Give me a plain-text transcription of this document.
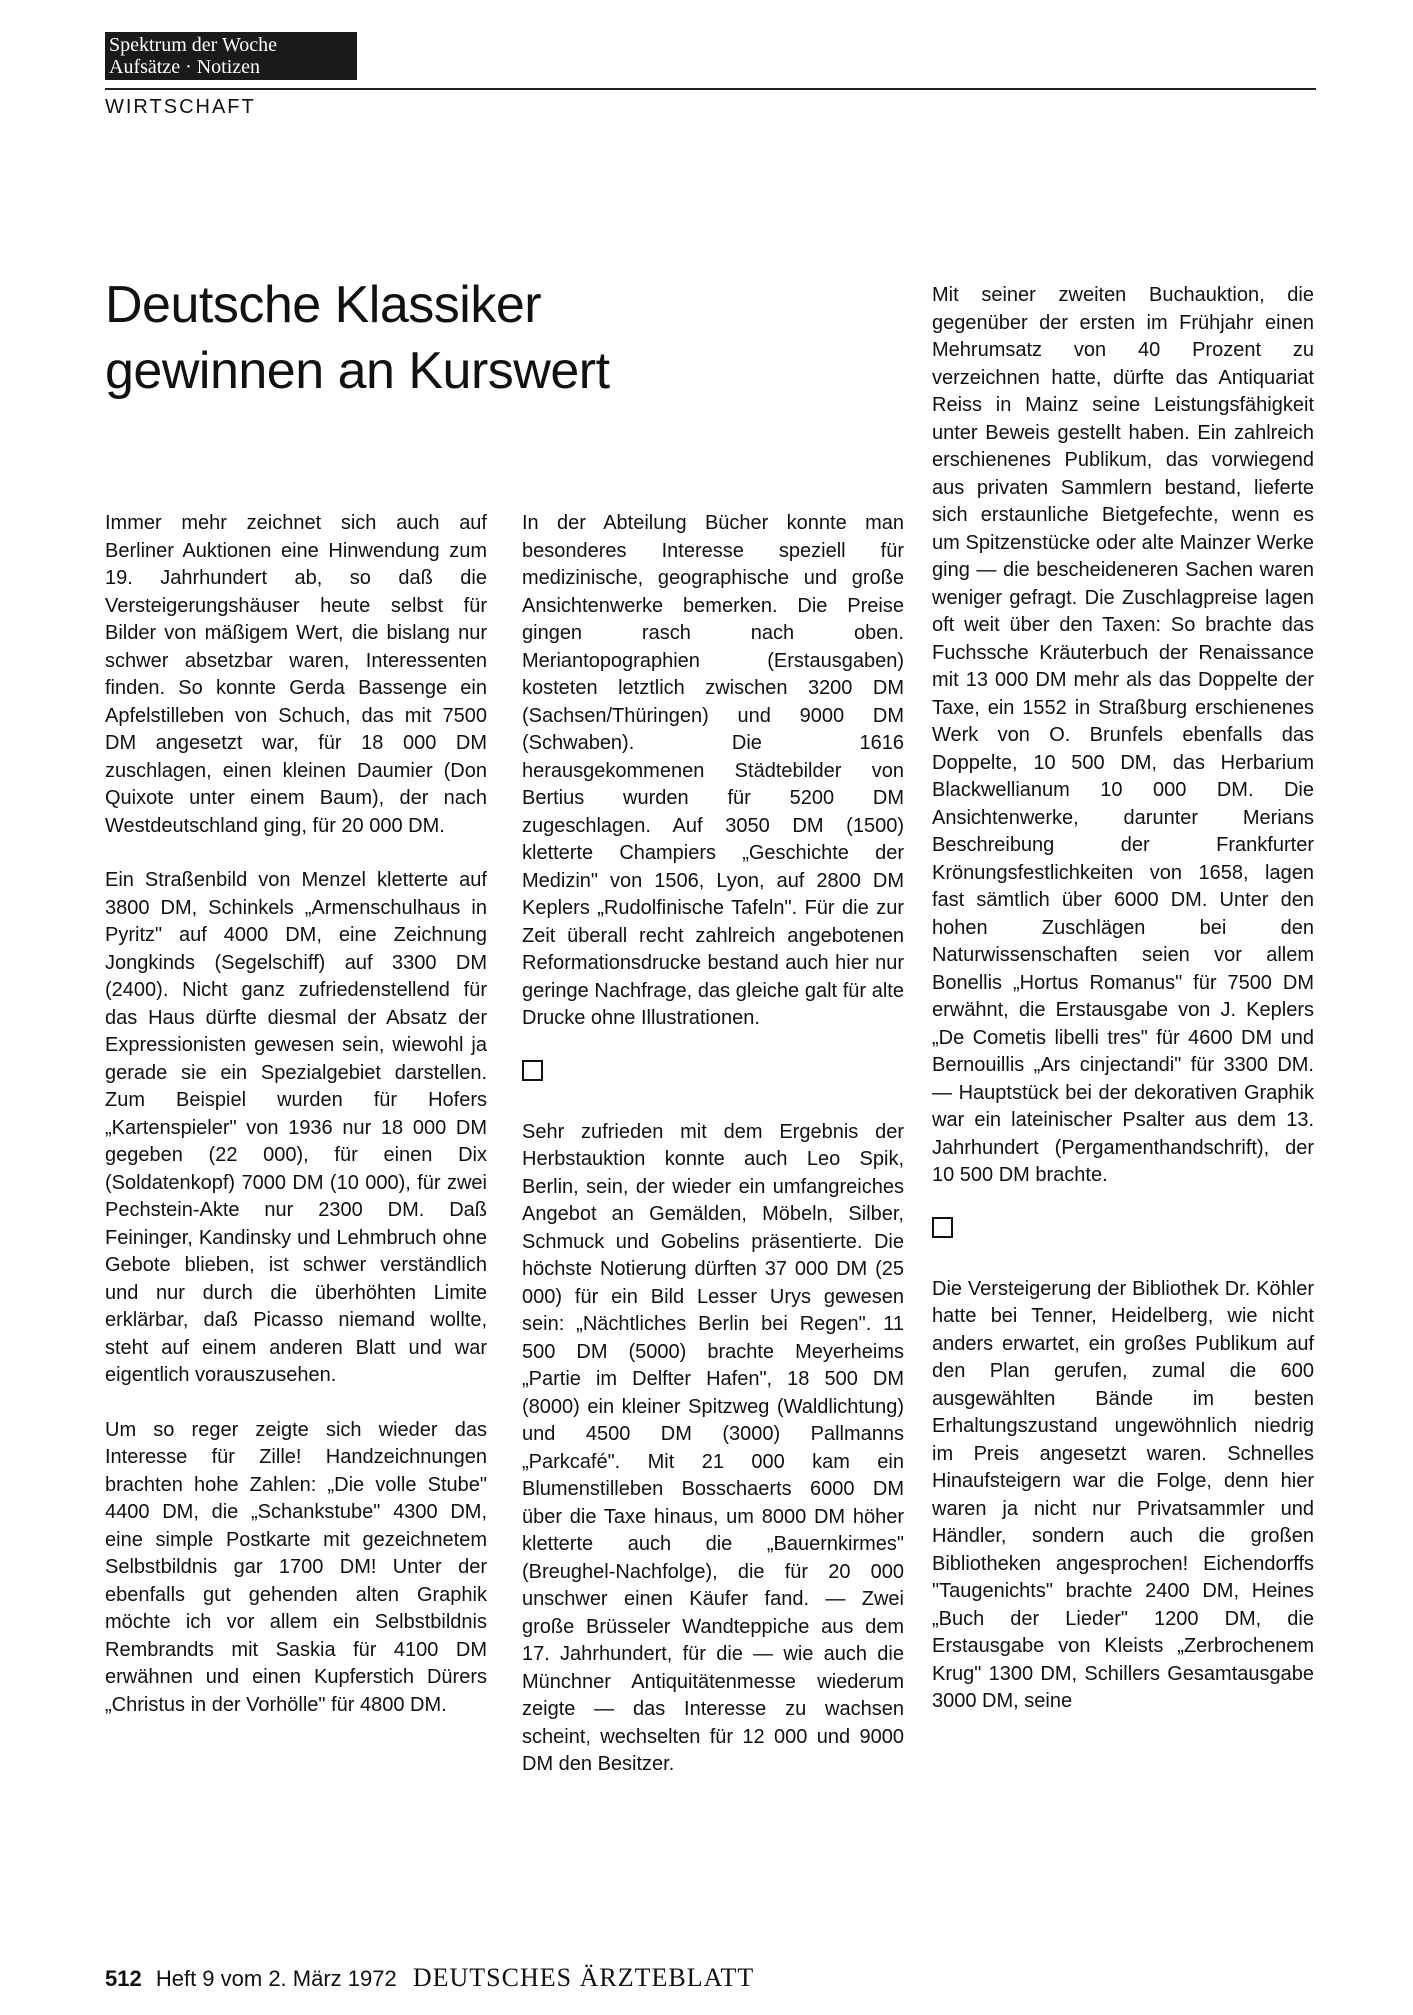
Spektrum der Woche
Aufsätze · Notizen
WIRTSCHAFT
Deutsche Klassiker
gewinnen an Kurswert

Immer mehr zeichnet sich auch auf Berliner Auktionen eine Hinwendung zum 19. Jahrhundert ab, so daß die Versteigerungshäuser heute selbst für Bilder von mäßigem Wert, die bislang nur schwer absetzbar waren, Interessenten finden. So konnte Gerda Bassenge ein Apfelstilleben von Schuch, das mit 7500 DM angesetzt war, für 18 000 DM zuschlagen, einen kleinen Daumier (Don Quixote unter einem Baum), der nach Westdeutschland ging, für 20 000 DM.

Ein Straßenbild von Menzel kletterte auf 3800 DM, Schinkels „Armenschulhaus in Pyritz" auf 4000 DM, eine Zeichnung Jongkinds (Segelschiff) auf 3300 DM (2400). Nicht ganz zufriedenstellend für das Haus dürfte diesmal der Absatz der Expressionisten gewesen sein, wiewohl ja gerade sie ein Spezialgebiet darstellen. Zum Beispiel wurden für Hofers „Kartenspieler" von 1936 nur 18 000 DM gegeben (22 000), für einen Dix (Soldatenkopf) 7000 DM (10 000), für zwei Pechstein-Akte nur 2300 DM. Daß Feininger, Kandinsky und Lehmbruch ohne Gebote blieben, ist schwer verständlich und nur durch die überhöhten Limite erklärbar, daß Picasso niemand wollte, steht auf einem anderen Blatt und war eigentlich vorauszusehen.

Um so reger zeigte sich wieder das Interesse für Zille! Handzeichnungen brachten hohe Zahlen: „Die volle Stube" 4400 DM, die „Schankstube" 4300 DM, eine simple Postkarte mit gezeichnetem Selbstbildnis gar 1700 DM! Unter der ebenfalls gut gehenden alten Graphik möchte ich vor allem ein Selbstbildnis Rembrandts mit Saskia für 4100 DM erwähnen und einen Kupferstich Dürers „Christus in der Vorhölle" für 4800 DM.

In der Abteilung Bücher konnte man besonderes Interesse speziell für medizinische, geographische und große Ansichtenwerke bemerken. Die Preise gingen rasch nach oben. Meriantopographien (Erstausgaben) kosteten letztlich zwischen 3200 DM (Sachsen/Thüringen) und 9000 DM (Schwaben). Die 1616 herausgekommenen Städtebilder von Bertius wurden für 5200 DM zugeschlagen. Auf 3050 DM (1500) kletterte Champiers „Geschichte der Medizin" von 1506, Lyon, auf 2800 DM Keplers „Rudolfinische Tafeln". Für die zur Zeit überall recht zahlreich angebotenen Reformationsdrucke bestand auch hier nur geringe Nachfrage, das gleiche galt für alte Drucke ohne Illustrationen.

Sehr zufrieden mit dem Ergebnis der Herbstauktion konnte auch Leo Spik, Berlin, sein, der wieder ein umfangreiches Angebot an Gemälden, Möbeln, Silber, Schmuck und Gobelins präsentierte. Die höchste Notierung dürften 37 000 DM (25 000) für ein Bild Lesser Urys gewesen sein: „Nächtliches Berlin bei Regen". 11 500 DM (5000) brachte Meyerheims „Partie im Delfter Hafen", 18 500 DM (8000) ein kleiner Spitzweg (Waldlichtung) und 4500 DM (3000) Pallmanns „Parkcafé". Mit 21 000 kam ein Blumenstilleben Bosschaerts 6000 DM über die Taxe hinaus, um 8000 DM höher kletterte auch die „Bauernkirmes" (Breughel-Nachfolge), die für 20 000 unschwer einen Käufer fand. — Zwei große Brüsseler Wandteppiche aus dem 17. Jahrhundert, für die — wie auch die Münchner Antiquitätenmesse wiederum zeigte — das Interesse zu wachsen scheint, wechselten für 12 000 und 9000 DM den Besitzer.

Mit seiner zweiten Buchauktion, die gegenüber der ersten im Frühjahr einen Mehrumsatz von 40 Prozent zu verzeichnen hatte, dürfte das Antiquariat Reiss in Mainz seine Leistungsfähigkeit unter Beweis gestellt haben. Ein zahlreich erschienenes Publikum, das vorwiegend aus privaten Sammlern bestand, lieferte sich erstaunliche Bietgefechte, wenn es um Spitzenstücke oder alte Mainzer Werke ging — die bescheideneren Sachen waren weniger gefragt. Die Zuschlagpreise lagen oft weit über den Taxen: So brachte das Fuchssche Kräuterbuch der Renaissance mit 13 000 DM mehr als das Doppelte der Taxe, ein 1552 in Straßburg erschienenes Werk von O. Brunfels ebenfalls das Doppelte, 10 500 DM, das Herbarium Blackwellianum 10 000 DM. Die Ansichtenwerke, darunter Merians Beschreibung der Frankfurter Krönungsfestlichkeiten von 1658, lagen fast sämtlich über 6000 DM. Unter den hohen Zuschlägen bei den Naturwissenschaften seien vor allem Bonellis „Hortus Romanus" für 7500 DM erwähnt, die Erstausgabe von J. Keplers „De Cometis libelli tres" für 4600 DM und Bernouillis „Ars cinjectandi" für 3300 DM. — Hauptstück bei der dekorativen Graphik war ein lateinischer Psalter aus dem 13. Jahrhundert (Pergamenthandschrift), der 10 500 DM brachte.

Die Versteigerung der Bibliothek Dr. Köhler hatte bei Tenner, Heidelberg, wie nicht anders erwartet, ein großes Publikum auf den Plan gerufen, zumal die 600 ausgewählten Bände im besten Erhaltungszustand ungewöhnlich niedrig im Preis angesetzt waren. Schnelles Hinaufsteigern war die Folge, denn hier waren ja nicht nur Privatsammler und Händler, sondern auch die großen Bibliotheken angesprochen! Eichendorffs "Taugenichts" brachte 2400 DM, Heines „Buch der Lieder" 1200 DM, die Erstausgabe von Kleists „Zerbrochenem Krug" 1300 DM, Schillers Gesamtausgabe 3000 DM, seine

512 Heft 9 vom 2. März 1972 DEUTSCHES ÄRZTEBLATT
